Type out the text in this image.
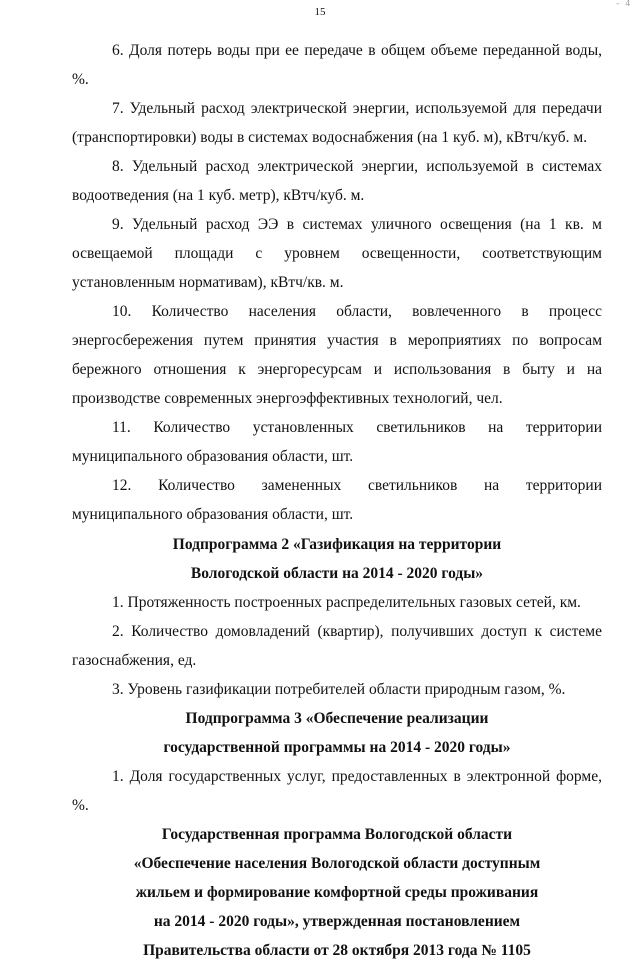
- 4
15

6. Доля потерь воды при ее передаче в общем объеме переданной воды, %.

7. Удельный расход электрической энергии, используемой для передачи (транспортировки) воды в системах водоснабжения (на 1 куб. м), кВтч/куб. м.

8. Удельный расход электрической энергии, используемой в системах водоотведения (на 1 куб. метр), кВтч/куб. м.

9. Удельный расход ЭЭ в системах уличного освещения (на 1 кв. м освещаемой площади с уровнем освещенности, соответствующим установленным нормативам), кВтч/кв. м.

10. Количество населения области, вовлеченного в процесс энергосбережения путем принятия участия в мероприятиях по вопросам бережного отношения к энергоресурсам и использования в быту и на производстве современных энергоэффективных технологий, чел.

11. Количество установленных светильников на территории муниципального образования области, шт.

12. Количество замененных светильников на территории муниципального образования области, шт.

Подпрограмма 2 «Газификация на территории

Вологодской области на 2014 - 2020 годы»

1. Протяженность построенных распределительных газовых сетей, км.

2. Количество домовладений (квартир), получивших доступ к системе газоснабжения, ед.

3. Уровень газификации потребителей области природным газом, %.

Подпрограмма 3 «Обеспечение реализации

государственной программы на 2014 - 2020 годы»

1. Доля государственных услуг, предоставленных в электронной форме, %.

Государственная программа Вологодской области

«Обеспечение населения Вологодской области доступным

жильем и формирование комфортной среды проживания

на 2014 - 2020 годы», утвержденная постановлением

Правительства области от 28 октября 2013 года № 1105
